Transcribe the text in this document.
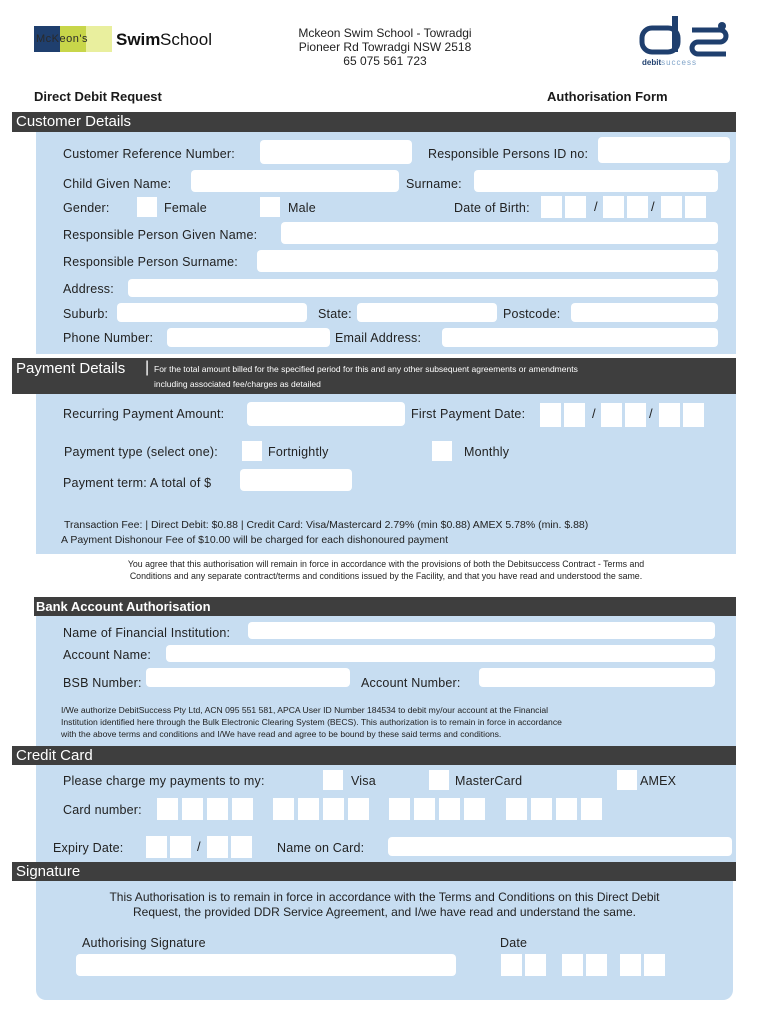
McKeon's Swim School	Mckeon Swim School - Towradgi
Pioneer Rd Towradgi NSW 2518
65 075 561 723	debitsuccess
Direct Debit Request	Authorisation Form
Customer Details
Customer Reference Number:	Responsible Persons ID no:
Child Given Name:	Surname:
Gender:	Female	Male	Date of Birth:	/	/
Responsible Person Given Name:
Responsible Person Surname:
Address:
Suburb:	State:	Postcode:
Phone Number:	Email Address:
Payment Details | For the total amount billed for the specified period for this and any other subsequent agreements or amendments
including associated fee/charges as detailed
Recurring Payment Amount:	First Payment Date:	/	/
Payment type (select one):	Fortnightly	Monthly
Payment term: A total of $
Transaction Fee: | Direct Debit: $0.88 | Credit Card: Visa/Mastercard 2.79% (min $0.88) AMEX 5.78% (min. $.88)
A Payment Dishonour Fee of $10.00 will be charged for each dishonoured payment
You agree that this authorisation will remain in force in accordance with the provisions of both the Debitsuccess Contract - Terms and
Conditions and any separate contract/terms and conditions issued by the Facility, and that you have read and understood the same.
Bank Account Authorisation
Name of Financial Institution:
Account Name:
BSB Number:	Account Number:
I/We authorize DebitSuccess Pty Ltd, ACN 095 551 581, APCA User ID Number 184534 to debit my/our account at the Financial
Institution identified here through the Bulk Electronic Clearing System (BECS). This authorization is to remain in force in accordance
with the above terms and conditions and I/We have read and agree to be bound by these said terms and conditions.
Credit Card
Please charge my payments to my:	Visa	MasterCard	AMEX
Card number:
Expiry Date:	/	Name on Card:
Signature
This Authorisation is to remain in force in accordance with the Terms and Conditions on this Direct Debit
Request, the provided DDR Service Agreement, and I/we have read and understand the same.
Authorising Signature	Date
